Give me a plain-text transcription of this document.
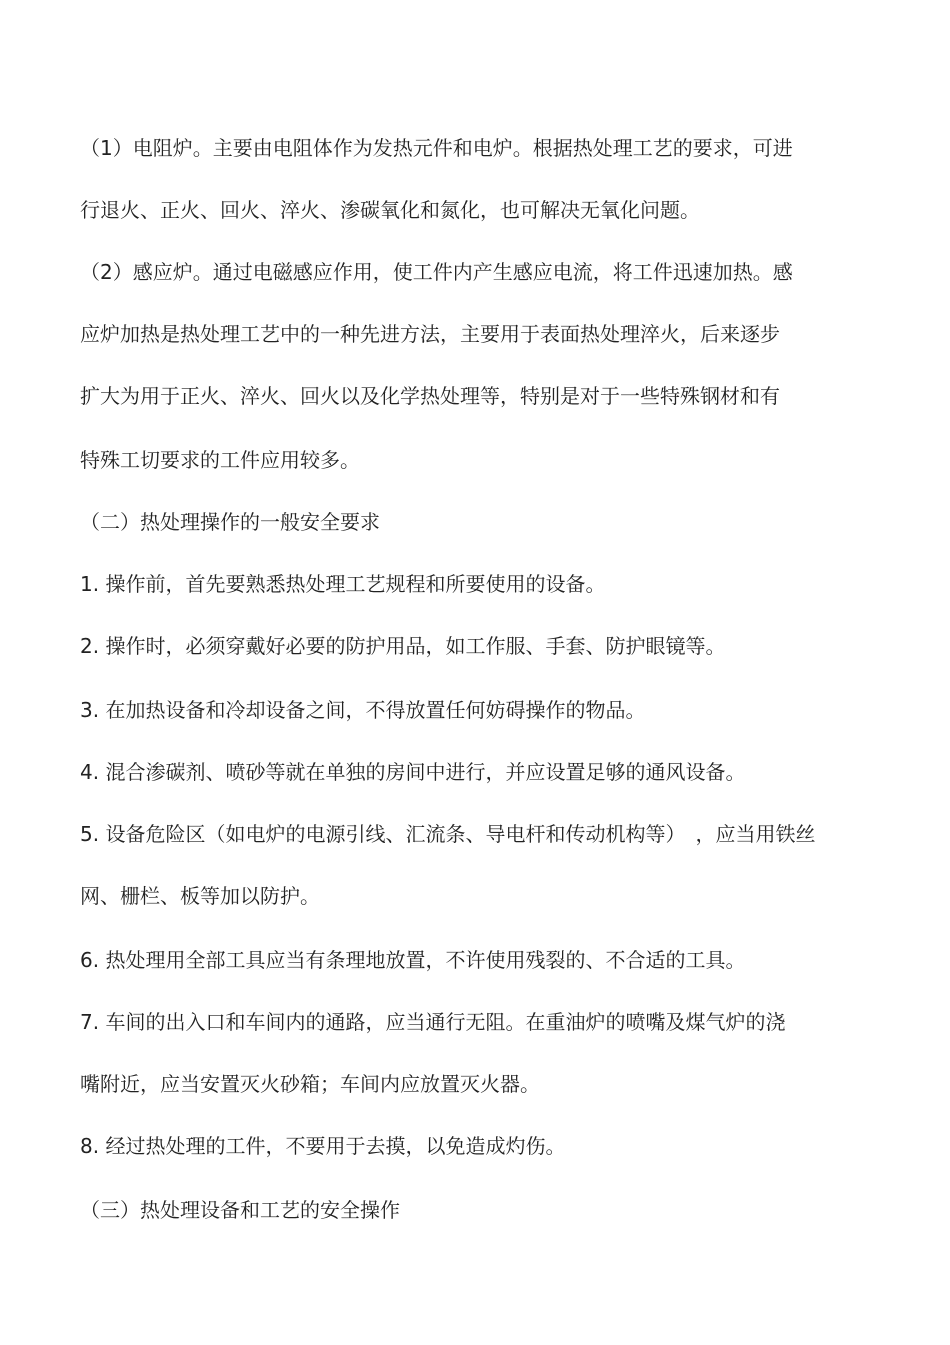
（1）电阻炉。主要由电阻体作为发热元件和电炉。根据热处理工艺的要求，可进
行退火、正火、回火、淬火、渗碳氧化和氮化，也可解决无氧化问题。
（2）感应炉。通过电磁感应作用，使工件内产生感应电流，将工件迅速加热。感
应炉加热是热处理工艺中的一种先进方法，主要用于表面热处理淬火，后来逐步
扩大为用于正火、淬火、回火以及化学热处理等，特别是对于一些特殊钢材和有
特殊工切要求的工件应用较多。
（二）热处理操作的一般安全要求
1. 操作前，首先要熟悉热处理工艺规程和所要使用的设备。
2. 操作时，必须穿戴好必要的防护用品，如工作服、手套、防护眼镜等。
3. 在加热设备和冷却设备之间，不得放置任何妨碍操作的物品。
4. 混合渗碳剂、喷砂等就在单独的房间中进行，并应设置足够的通风设备。
5. 设备危险区（如电炉的电源引线、汇流条、导电杆和传动机构等）　，应当用铁丝
网、栅栏、板等加以防护。
6. 热处理用全部工具应当有条理地放置，不许使用残裂的、不合适的工具。
7. 车间的出入口和车间内的通路，应当通行无阻。在重油炉的喷嘴及煤气炉的浇
嘴附近，应当安置灭火砂箱；车间内应放置灭火器。
8. 经过热处理的工件，不要用于去摸，以免造成灼伤。
（三）热处理设备和工艺的安全操作
